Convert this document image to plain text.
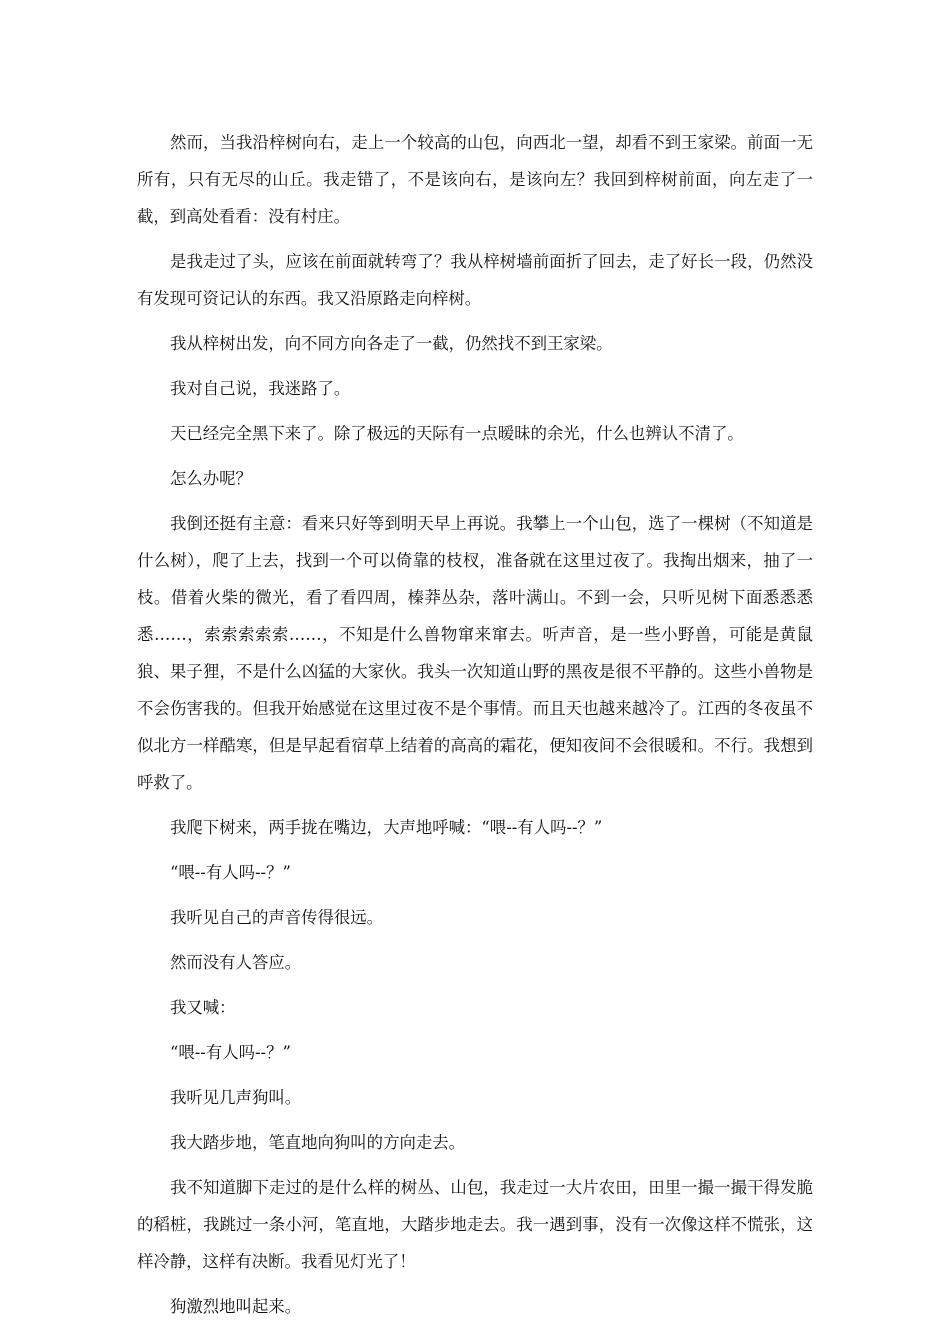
然而，当我沿梓树向右，走上一个较高的山包，向西北一望，却看不到王家梁。前面一无所有，只有无尽的山丘。我走错了，不是该向右，是该向左？我回到梓树前面，向左走了一截，到高处看看：没有村庄。

是我走过了头，应该在前面就转弯了？我从梓树墙前面折了回去，走了好长一段，仍然没有发现可资记认的东西。我又沿原路走向梓树。

我从梓树出发，向不同方向各走了一截，仍然找不到王家梁。

我对自己说，我迷路了。

天已经完全黑下来了。除了极远的天际有一点暧昧的余光，什么也辨认不清了。

怎么办呢？

我倒还挺有主意：看来只好等到明天早上再说。我攀上一个山包，选了一棵树（不知道是什么树），爬了上去，找到一个可以倚靠的枝杈，准备就在这里过夜了。我掏出烟来，抽了一枝。借着火柴的微光，看了看四周，榛莽丛杂，落叶满山。不到一会，只听见树下面悉悉悉悉……，索索索索索……，不知是什么兽物窜来窜去。听声音，是一些小野兽，可能是黄鼠狼、果子狸，不是什么凶猛的大家伙。我头一次知道山野的黑夜是很不平静的。这些小兽物是不会伤害我的。但我开始感觉在这里过夜不是个事情。而且天也越来越冷了。江西的冬夜虽不似北方一样酷寒，但是早起看宿草上结着的高高的霜花，便知夜间不会很暖和。不行。我想到呼救了。

我爬下树来，两手拢在嘴边，大声地呼喊：“喂--有人吗--？”

“喂--有人吗--？”

我听见自己的声音传得很远。

然而没有人答应。

我又喊：

“喂--有人吗--？”

我听见几声狗叫。

我大踏步地，笔直地向狗叫的方向走去。

我不知道脚下走过的是什么样的树丛、山包，我走过一大片农田，田里一撮一撮干得发脆的稻桩，我跳过一条小河，笔直地，大踏步地走去。我一遇到事，没有一次像这样不慌张，这样冷静，这样有决断。我看见灯光了！

狗激烈地叫起来。
